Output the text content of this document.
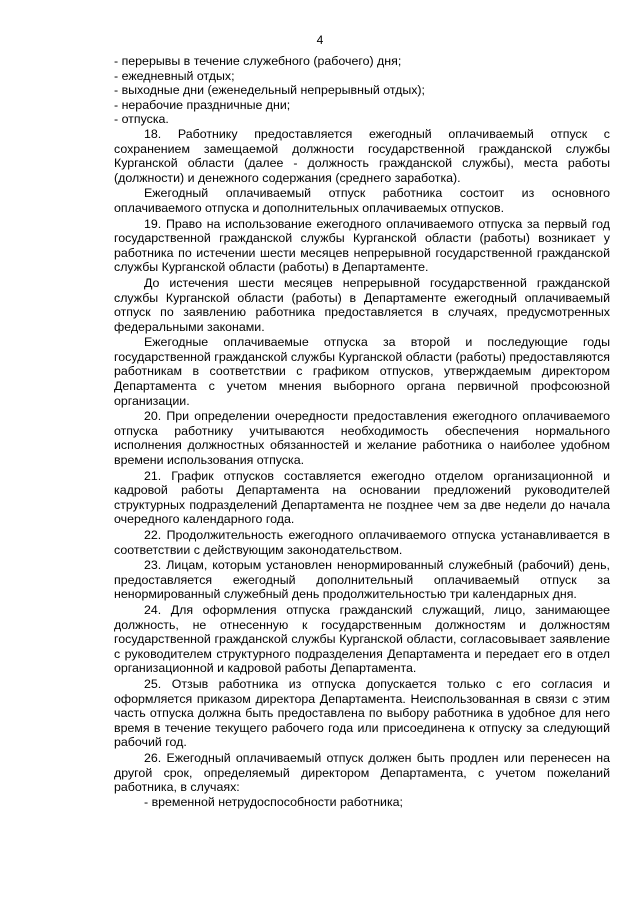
4

- перерывы в течение служебного (рабочего) дня;

- ежедневный отдых;

- выходные дни (еженедельный непрерывный отдых);

- нерабочие праздничные дни;

- отпуска.

18. Работнику предоставляется ежегодный оплачиваемый отпуск с сохранением замещаемой должности государственной гражданской службы Курганской области (далее - должность гражданской службы), места работы (должности) и денежного содержания (среднего заработка).

Ежегодный оплачиваемый отпуск работника состоит из основного оплачиваемого отпуска и дополнительных оплачиваемых отпусков.

19. Право на использование ежегодного оплачиваемого отпуска за первый год государственной гражданской службы Курганской области (работы) возникает у работника по истечении шести месяцев непрерывной государственной гражданской службы Курганской области (работы) в Департаменте.

До истечения шести месяцев непрерывной государственной гражданской службы Курганской области (работы) в Департаменте ежегодный оплачиваемый отпуск по заявлению работника предоставляется в случаях, предусмотренных федеральными законами.

Ежегодные оплачиваемые отпуска за второй и последующие годы государственной гражданской службы Курганской области (работы) предоставляются работникам в соответствии с графиком отпусков, утверждаемым директором Департамента с учетом мнения выборного органа первичной профсоюзной организации.

20. При определении очередности предоставления ежегодного оплачиваемого отпуска работнику учитываются необходимость обеспечения нормального исполнения должностных обязанностей и желание работника о наиболее удобном времени использования отпуска.

21. График отпусков составляется ежегодно отделом организационной и кадровой работы Департамента на основании предложений руководителей структурных подразделений Департамента не позднее чем за две недели до начала очередного календарного года.

22. Продолжительность ежегодного оплачиваемого отпуска устанавливается в соответствии с действующим законодательством.

23. Лицам, которым установлен ненормированный служебный (рабочий) день, предоставляется ежегодный дополнительный оплачиваемый отпуск за ненормированный служебный день продолжительностью три календарных дня.

24. Для оформления отпуска гражданский служащий, лицо, занимающее должность, не отнесенную к государственным должностям и должностям государственной гражданской службы Курганской области, согласовывает заявление с руководителем структурного подразделения Департамента и передает его в отдел организационной и кадровой работы Департамента.

25. Отзыв работника из отпуска допускается только с его согласия и оформляется приказом директора Департамента. Неиспользованная в связи с этим часть отпуска должна быть предоставлена по выбору работника в удобное для него время в течение текущего рабочего года или присоединена к отпуску за следующий рабочий год.

26. Ежегодный оплачиваемый отпуск должен быть продлен или перенесен на другой срок, определяемый директором Департамента, с учетом пожеланий работника, в случаях:

- временной нетрудоспособности работника;
